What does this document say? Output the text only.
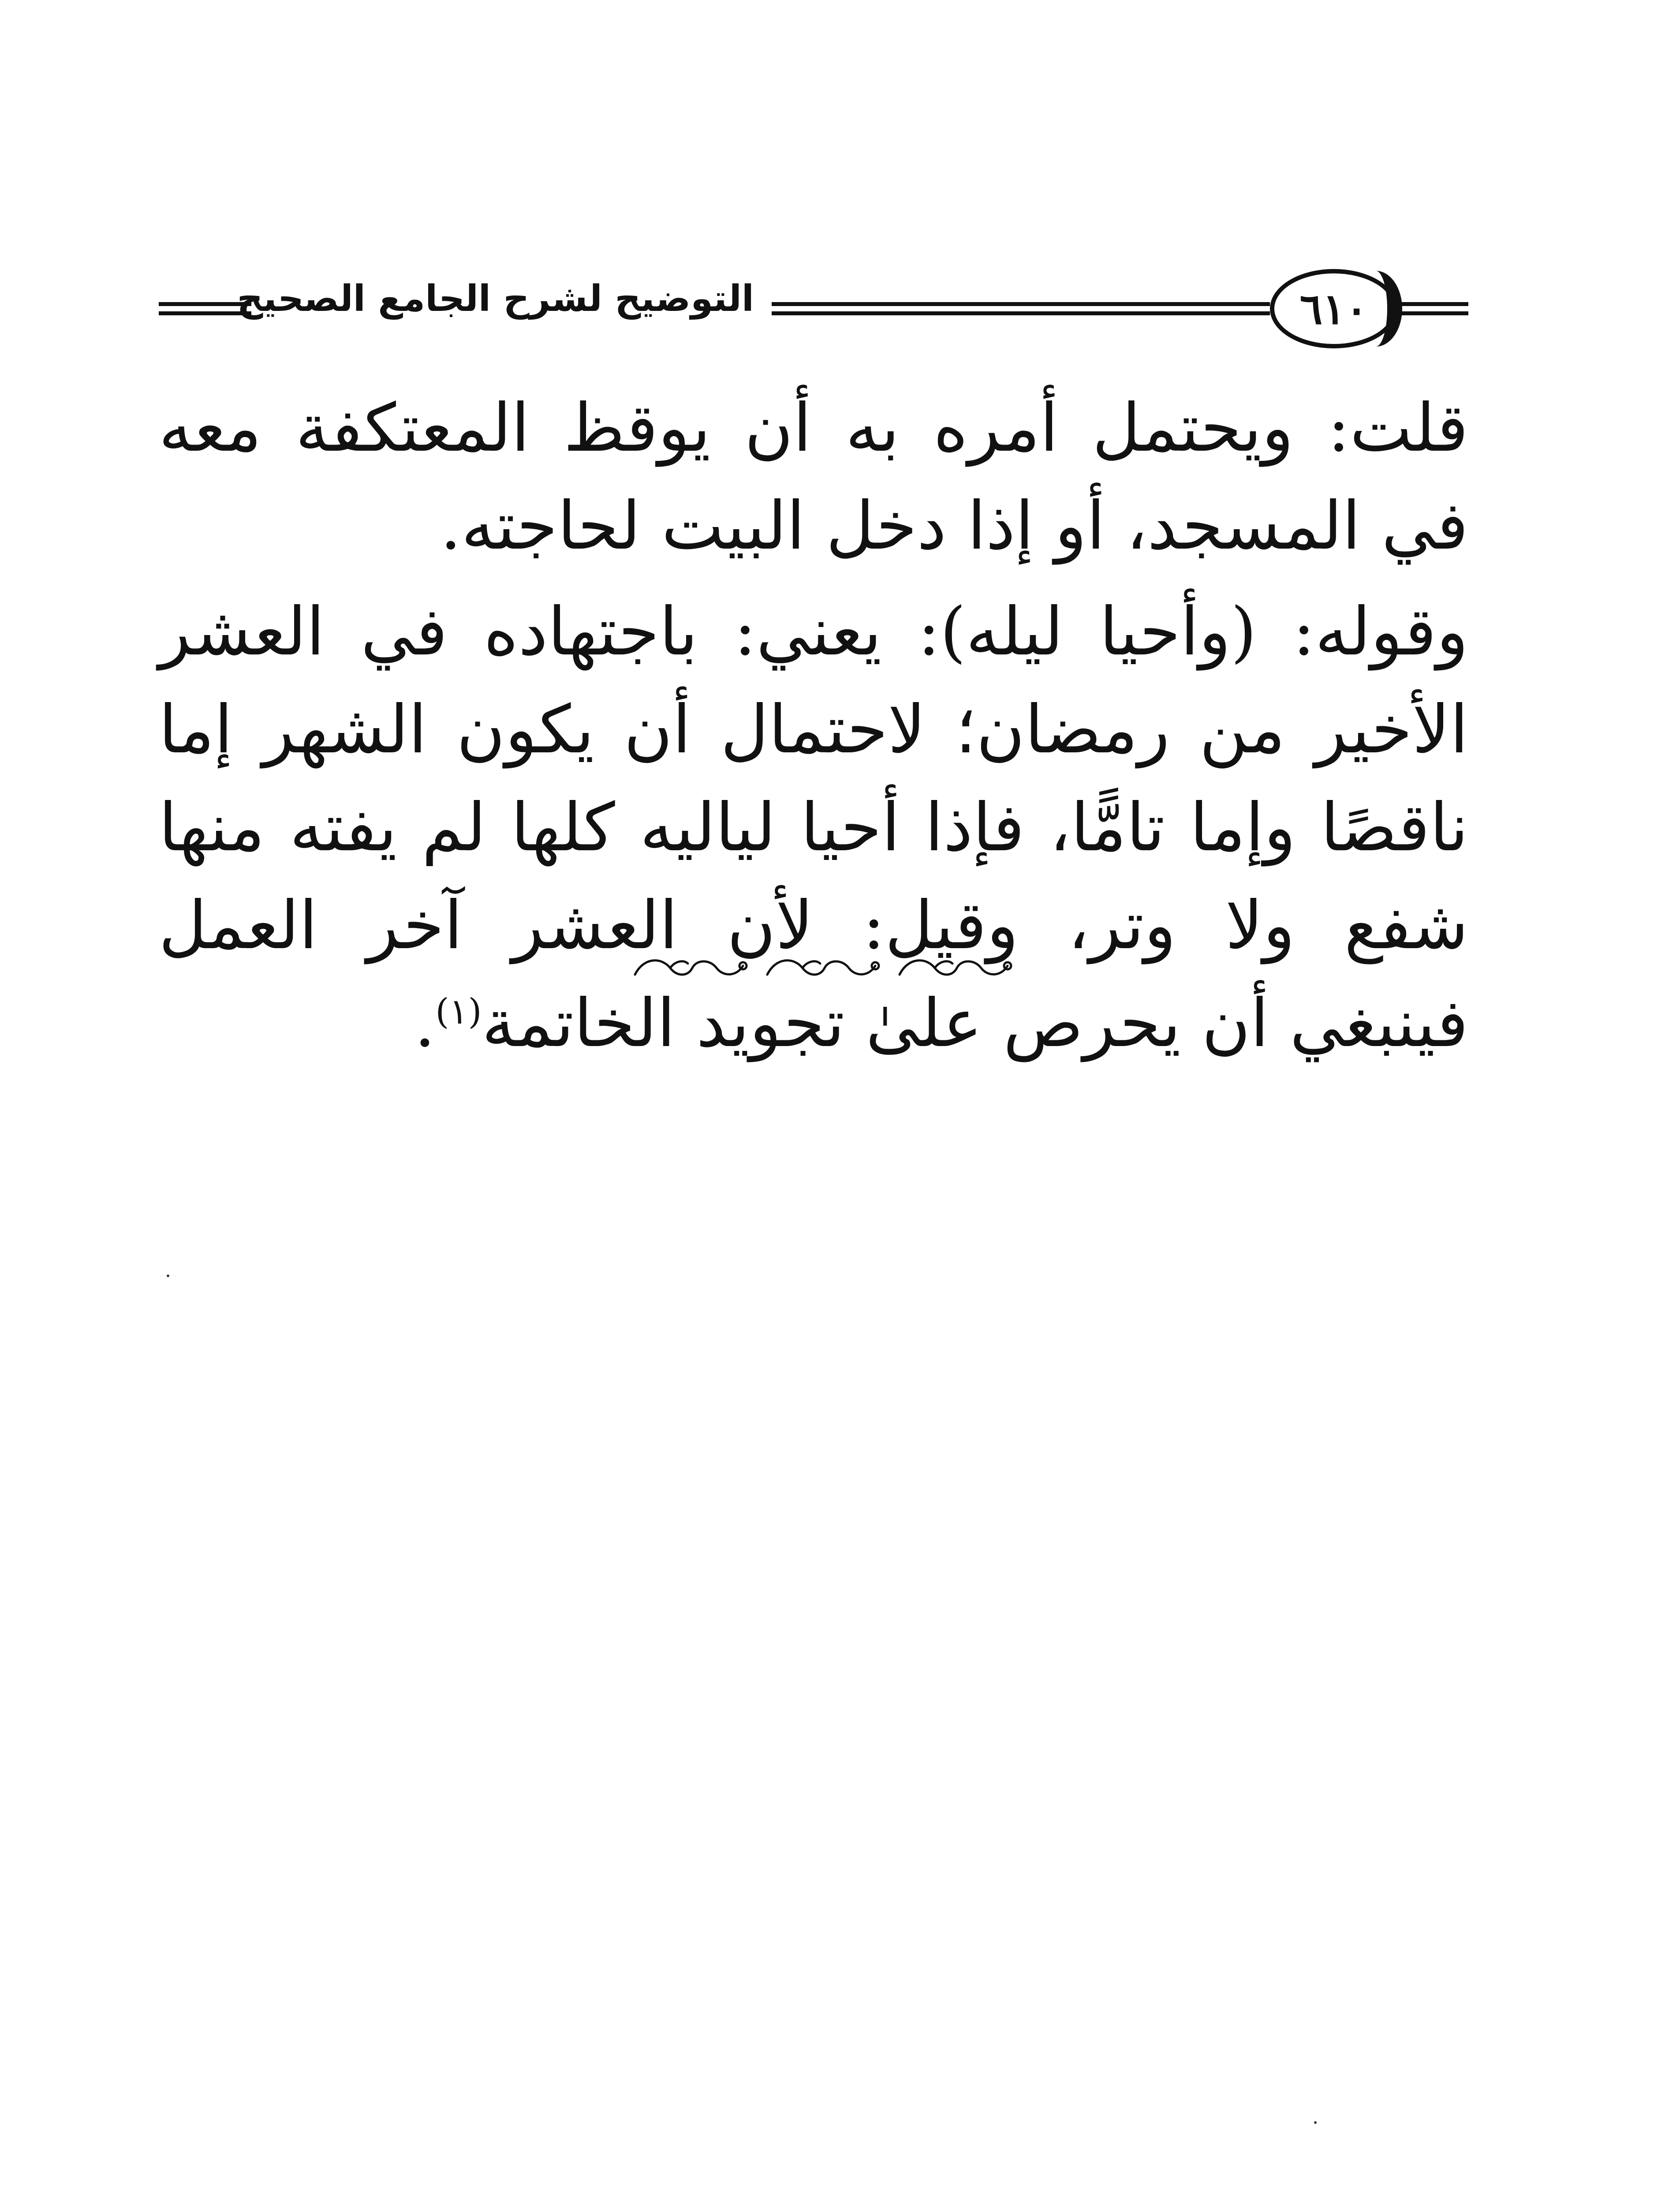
٦١٠
التوضيح لشرح الجامع الصحيح

قلت: ويحتمل أمره به أن يوقظ المعتكفة معه في المسجد، أو إذا دخل البيت لحاجته.

وقوله: (وأحيا ليله): يعني: باجتهاده في العشر الأخير من رمضان؛ لاحتمال أن يكون الشهر إما ناقصًا وإما تامًّا، فإذا أحيا لياليه كلها لم يفته منها شفع ولا وتر، وقيل: لأن العشر آخر العمل فينبغي أن يحرص علىٰ تجويد الخاتمة$^{(١)}$.
